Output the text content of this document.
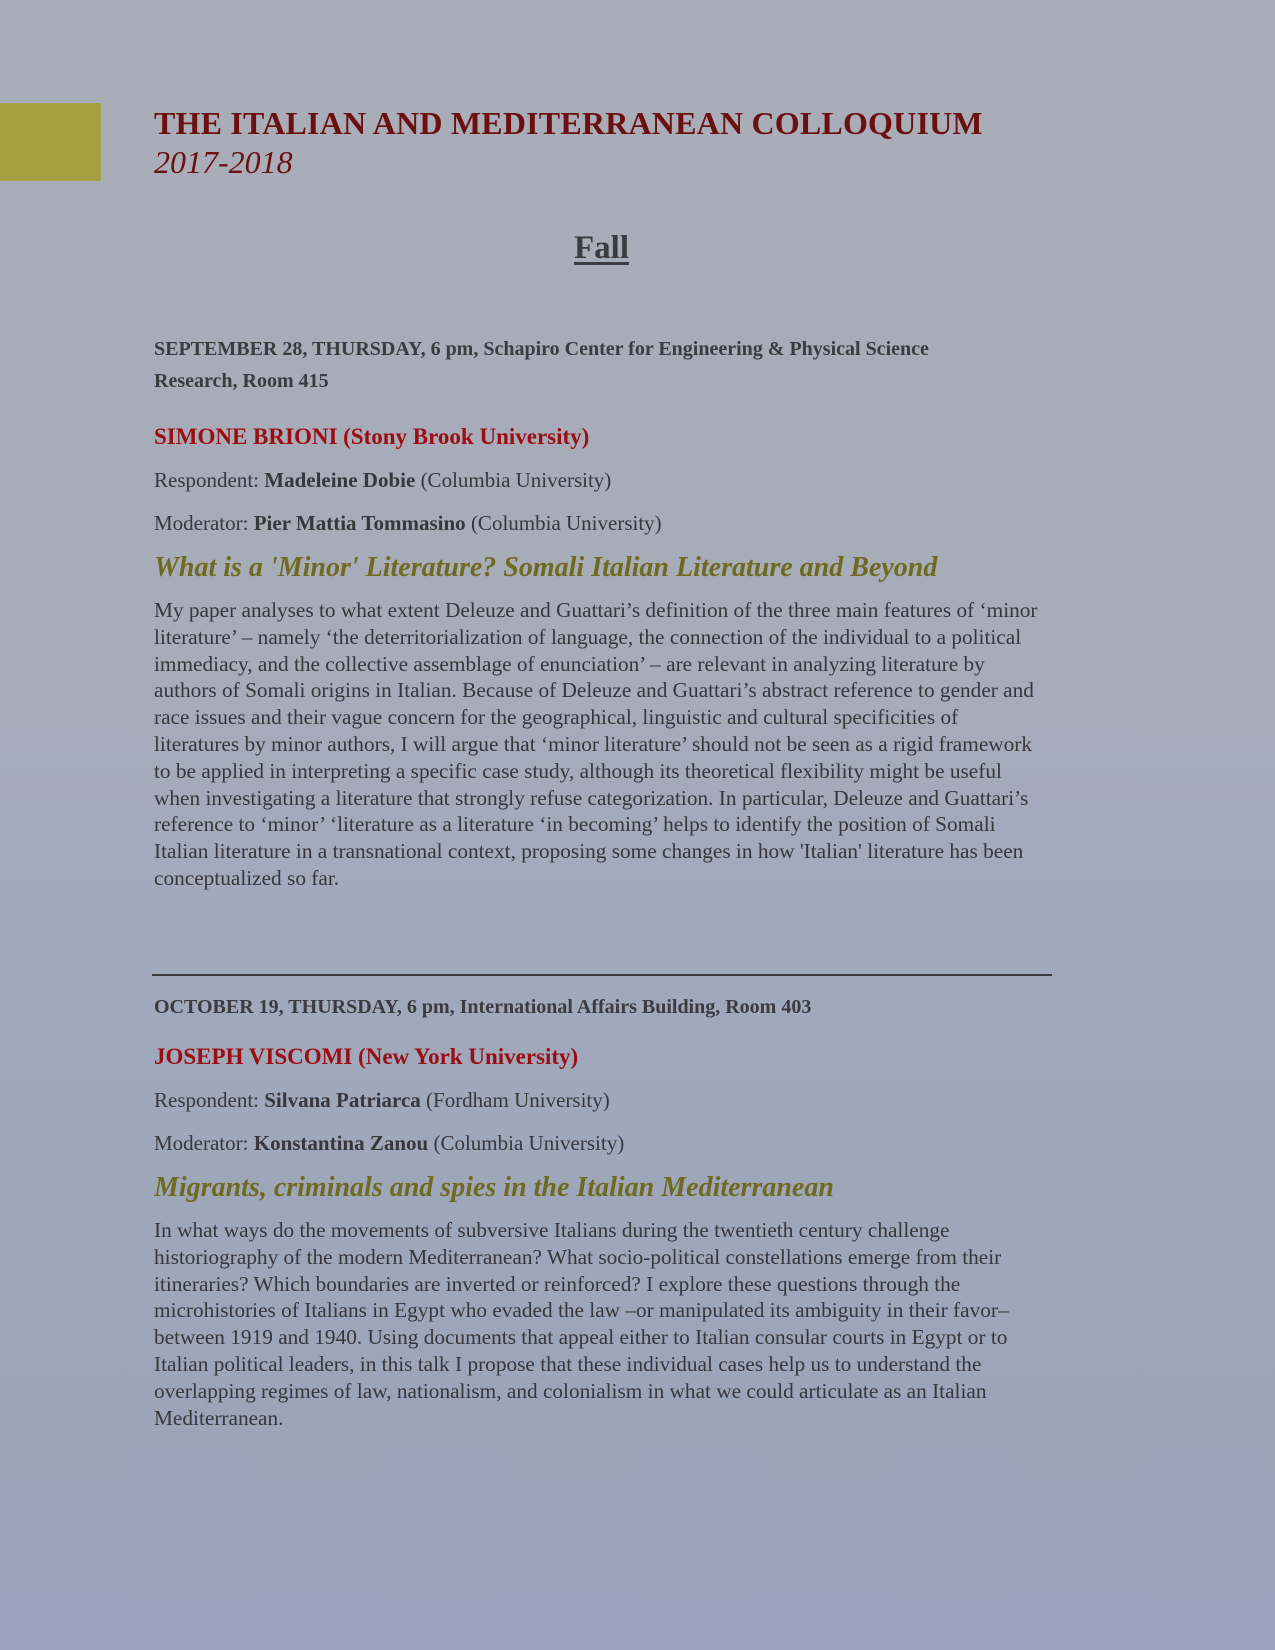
THE ITALIAN AND MEDITERRANEAN COLLOQUIUM
2017-2018
Fall
SEPTEMBER 28, THURSDAY, 6 pm, Schapiro Center for Engineering & Physical Science Research, Room 415
SIMONE BRIONI (Stony Brook University)
Respondent: Madeleine Dobie (Columbia University)
Moderator: Pier Mattia Tommasino (Columbia University)
What is a 'Minor' Literature? Somali Italian Literature and Beyond
My paper analyses to what extent Deleuze and Guattari’s definition of the three main features of ‘minor literature’ – namely ‘the deterritorialization of language, the connection of the individual to a political immediacy, and the collective assemblage of enunciation’ – are relevant in analyzing literature by authors of Somali origins in Italian. Because of Deleuze and Guattari’s abstract reference to gender and race issues and their vague concern for the geographical, linguistic and cultural specificities of literatures by minor authors, I will argue that ‘minor literature’ should not be seen as a rigid framework to be applied in interpreting a specific case study, although its theoretical flexibility might be useful when investigating a literature that strongly refuse categorization. In particular, Deleuze and Guattari’s reference to ‘minor’ ‘literature as a literature ‘in becoming’ helps to identify the position of Somali Italian literature in a transnational context, proposing some changes in how 'Italian' literature has been conceptualized so far.
OCTOBER 19, THURSDAY, 6 pm, International Affairs Building, Room 403
JOSEPH VISCOMI (New York University)
Respondent: Silvana Patriarca (Fordham University)
Moderator: Konstantina Zanou (Columbia University)
Migrants, criminals and spies in the Italian Mediterranean
In what ways do the movements of subversive Italians during the twentieth century challenge historiography of the modern Mediterranean? What socio-political constellations emerge from their itineraries? Which boundaries are inverted or reinforced? I explore these questions through the microhistories of Italians in Egypt who evaded the law –or manipulated its ambiguity in their favor– between 1919 and 1940. Using documents that appeal either to Italian consular courts in Egypt or to Italian political leaders, in this talk I propose that these individual cases help us to understand the overlapping regimes of law, nationalism, and colonialism in what we could articulate as an Italian Mediterranean.
